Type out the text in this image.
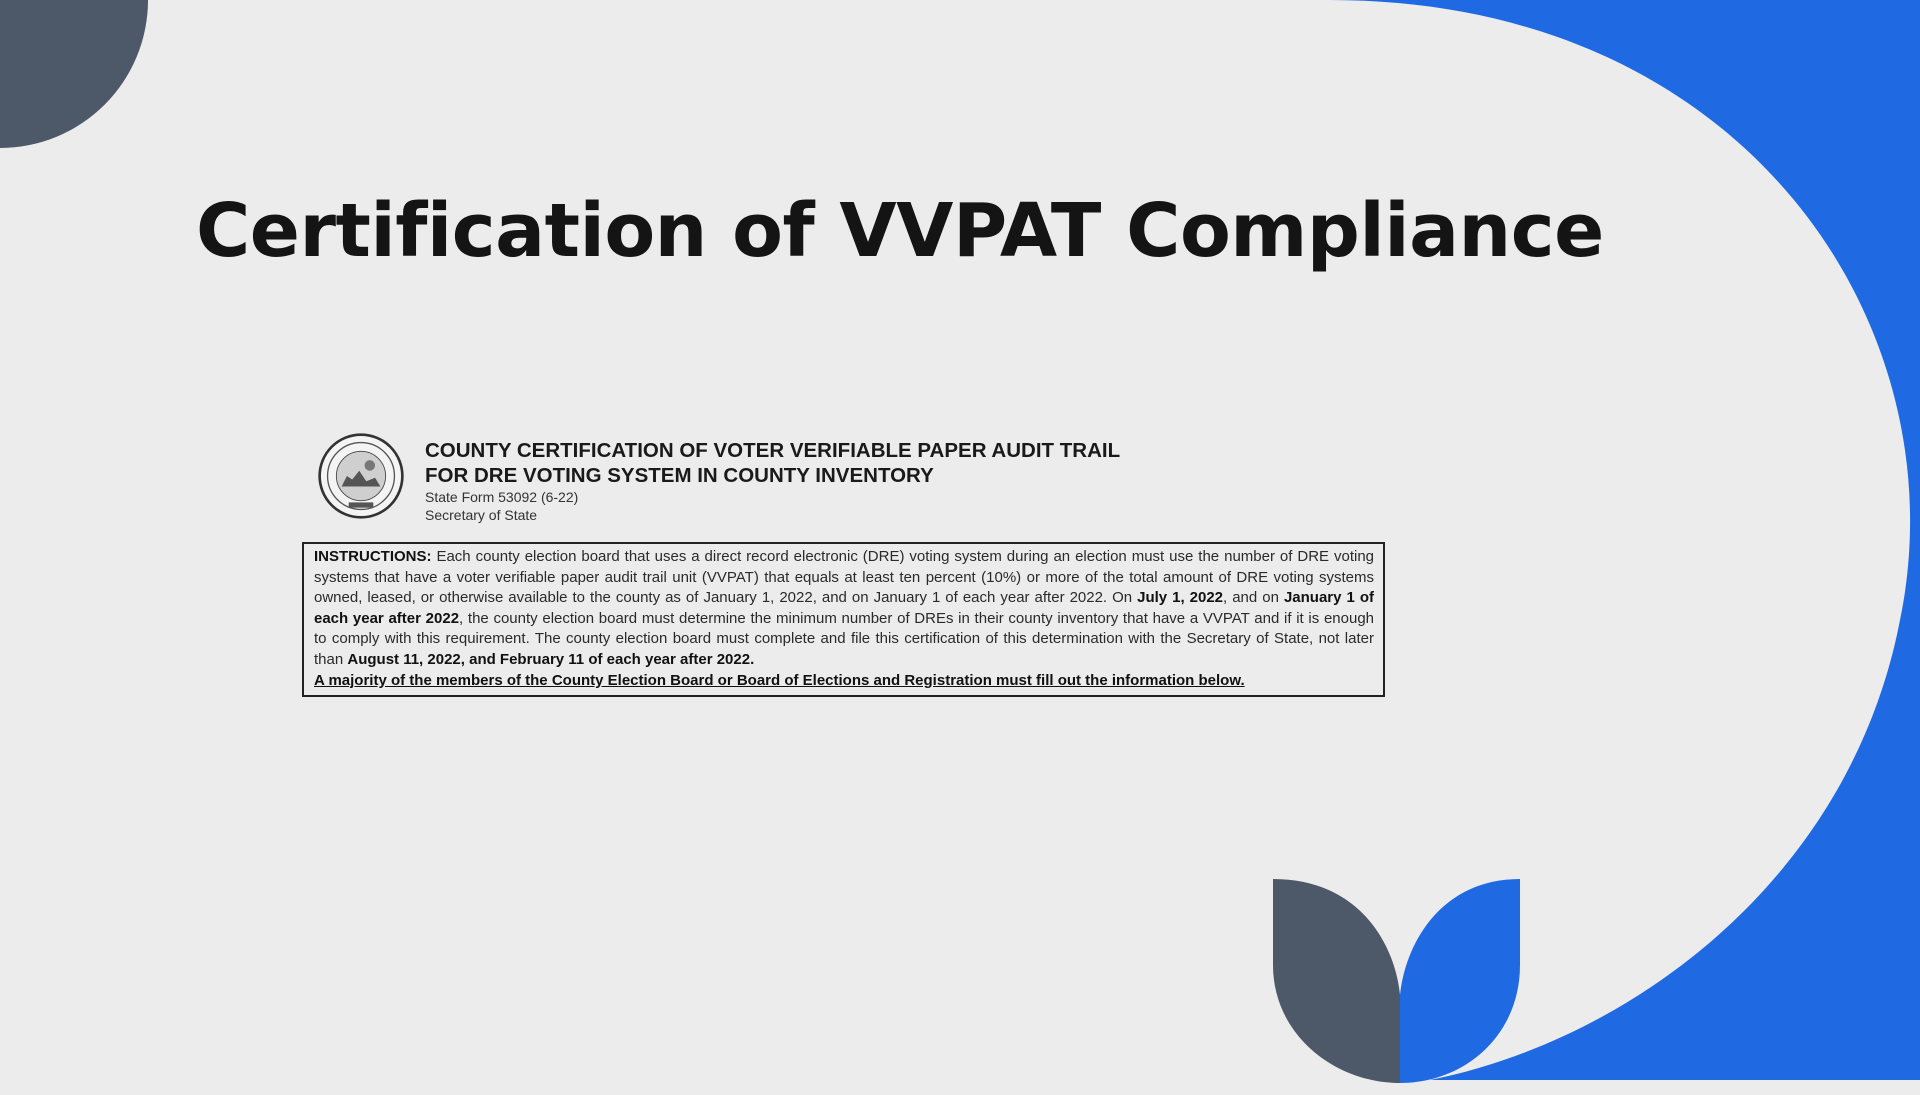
Certification of VVPAT Compliance
COUNTY CERTIFICATION OF VOTER VERIFIABLE PAPER AUDIT TRAIL
FOR DRE VOTING SYSTEM IN COUNTY INVENTORY
State Form 53092 (6-22)
Secretary of State
INSTRUCTIONS: Each county election board that uses a direct record electronic (DRE) voting system during an election must use the number of DRE voting systems that have a voter verifiable paper audit trail unit (VVPAT) that equals at least ten percent (10%) or more of the total amount of DRE voting systems owned, leased, or otherwise available to the county as of January 1, 2022, and on January 1 of each year after 2022. On July 1, 2022, and on January 1 of each year after 2022, the county election board must determine the minimum number of DREs in their county inventory that have a VVPAT and if it is enough to comply with this requirement. The county election board must complete and file this certification of this determination with the Secretary of State, not later than August 11, 2022, and February 11 of each year after 2022.
A majority of the members of the County Election Board or Board of Elections and Registration must fill out the information below.
